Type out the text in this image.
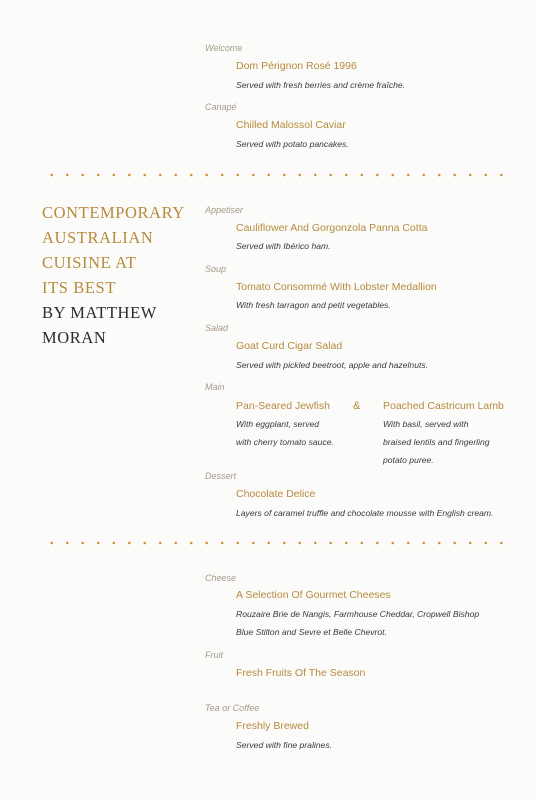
Welcome
Dom Pérignon Rosé 1996
Served with fresh berries and crème fraîche.
Canapé
Chilled Malossol Caviar
Served with potato pancakes.
CONTEMPORARY
AUSTRALIAN
CUISINE AT
ITS BEST
BY MATTHEW
MORAN
Appetiser
Cauliflower And Gorgonzola Panna Cotta
Served with Ibérico ham.
Soup
Tomato Consommé With Lobster Medallion
With fresh tarragon and petit vegetables.
Salad
Goat Curd Cigar Salad
Served with pickled beetroot, apple and hazelnuts.
Main
Pan-Seared Jewfish
With eggplant, served
with cherry tomato sauce.
& Poached Castricum Lamb
With basil, served with
braised lentils and fingerling
potato puree.
Dessert
Chocolate Delice
Layers of caramel truffle and chocolate mousse with English cream.
Cheese
A Selection Of Gourmet Cheeses
Rouzaire Brie de Nangis, Farmhouse Cheddar, Cropwell Bishop
Blue Stilton and Sevre et Belle Chevrot.
Fruit
Fresh Fruits Of The Season
Tea or Coffee
Freshly Brewed
Served with fine pralines.
